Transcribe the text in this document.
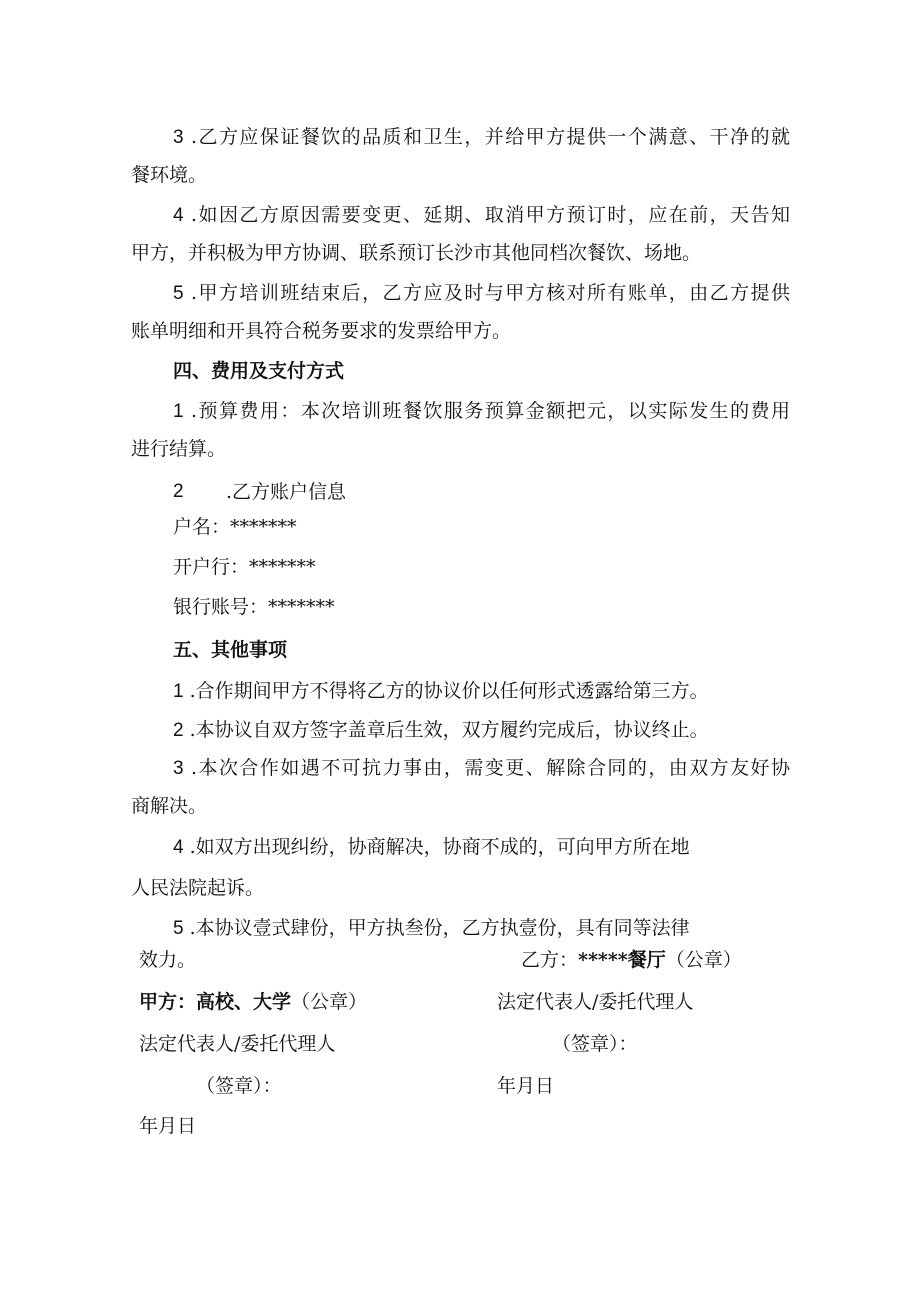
3 .乙方应保证餐饮的品质和卫生，并给甲方提供一个满意、干净的就
餐环境。
4 .如因乙方原因需要变更、延期、取消甲方预订时，应在前，天告知
甲方，并积极为甲方协调、联系预订长沙市其他同档次餐饮、场地。
5 .甲方培训班结束后，乙方应及时与甲方核对所有账单，由乙方提供
账单明细和开具符合税务要求的发票给甲方。
四、费用及支付方式
1 .预算费用：本次培训班餐饮服务预算金额把元，以实际发生的费用
进行结算。
2 .乙方账户信息
户名：*******
开户行：*******
银行账号：*******
五、其他事项
1 .合作期间甲方不得将乙方的协议价以任何形式透露给第三方。
2 .本协议自双方签字盖章后生效，双方履约完成后，协议终止。
3 .本次合作如遇不可抗力事由，需变更、解除合同的，由双方友好协
商解决。
4 .如双方出现纠纷，协商解决，协商不成的，可向甲方所在地
人民法院起诉。
5 .本协议壹式肆份，甲方执叁份，乙方执壹份，具有同等法律
效力。	乙方：*****餐厅（公章）
法定代表人/委托代理人
（签章）：
年月日
甲方：高校、大学（公章）
法定代表人/委托代理人
（签章）：
年月日
